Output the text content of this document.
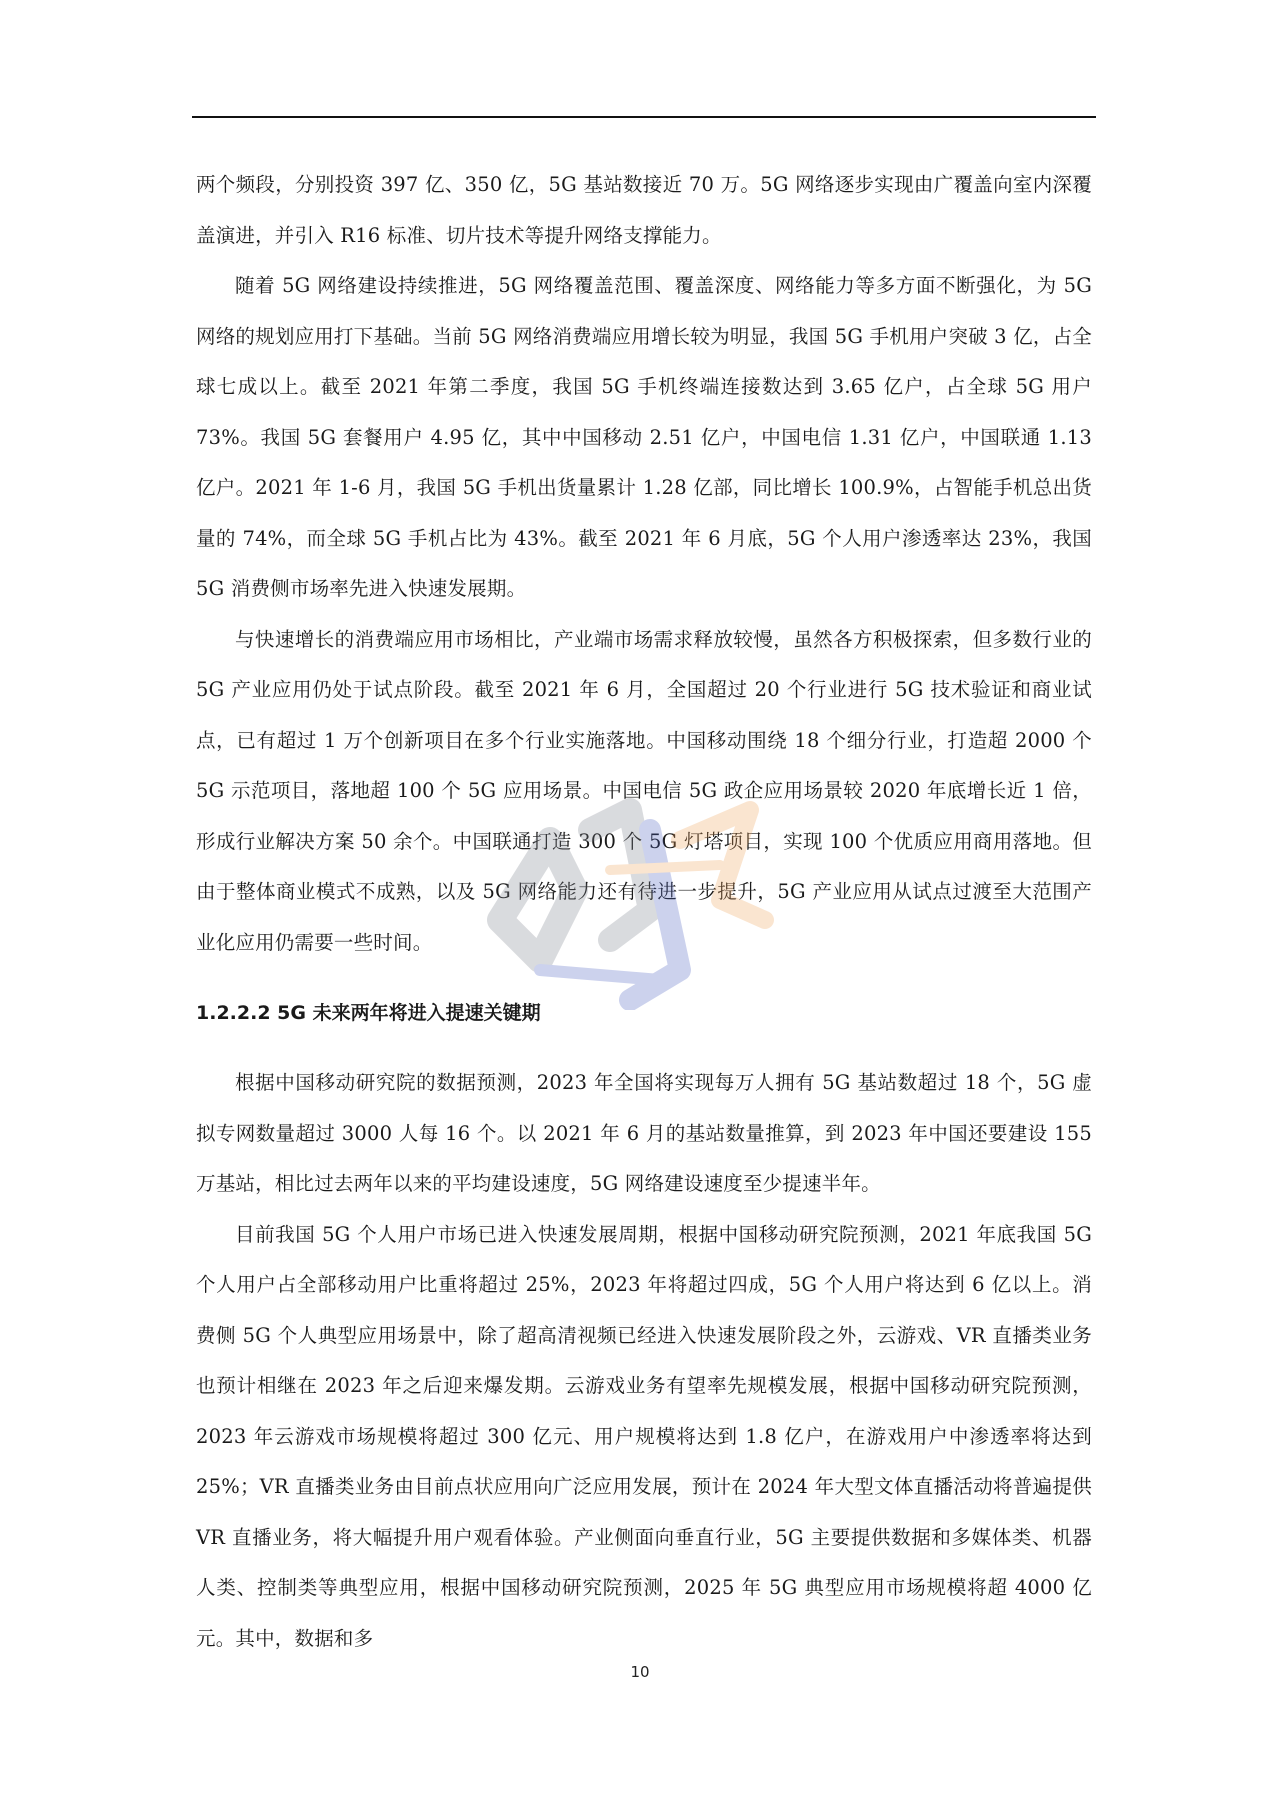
两个频段，分别投资 397 亿、350 亿，5G 基站数接近 70 万。5G 网络逐步实现由广覆盖向室内深覆盖演进，并引入 R16 标准、切片技术等提升网络支撑能力。

随着 5G 网络建设持续推进，5G 网络覆盖范围、覆盖深度、网络能力等多方面不断强化，为 5G 网络的规划应用打下基础。当前 5G 网络消费端应用增长较为明显，我国 5G 手机用户突破 3 亿，占全球七成以上。截至 2021 年第二季度，我国 5G 手机终端连接数达到 3.65 亿户，占全球 5G 用户 73%。我国 5G 套餐用户 4.95 亿，其中中国移动 2.51 亿户，中国电信 1.31 亿户，中国联通 1.13 亿户。2021 年 1-6 月，我国 5G 手机出货量累计 1.28 亿部，同比增长 100.9%，占智能手机总出货量的 74%，而全球 5G 手机占比为 43%。截至 2021 年 6 月底，5G 个人用户渗透率达 23%，我国 5G 消费侧市场率先进入快速发展期。

与快速增长的消费端应用市场相比，产业端市场需求释放较慢，虽然各方积极探索，但多数行业的 5G 产业应用仍处于试点阶段。截至 2021 年 6 月，全国超过 20 个行业进行 5G 技术验证和商业试点，已有超过 1 万个创新项目在多个行业实施落地。中国移动围绕 18 个细分行业，打造超 2000 个 5G 示范项目，落地超 100 个 5G 应用场景。中国电信 5G 政企应用场景较 2020 年底增长近 1 倍，形成行业解决方案 50 余个。中国联通打造 300 个 5G 灯塔项目，实现 100 个优质应用商用落地。但由于整体商业模式不成熟，以及 5G 网络能力还有待进一步提升，5G 产业应用从试点过渡至大范围产业化应用仍需要一些时间。

1.2.2.2 5G 未来两年将进入提速关键期

根据中国移动研究院的数据预测，2023 年全国将实现每万人拥有 5G 基站数超过 18 个，5G 虚拟专网数量超过 3000 人每 16 个。以 2021 年 6 月的基站数量推算，到 2023 年中国还要建设 155 万基站，相比过去两年以来的平均建设速度，5G 网络建设速度至少提速半年。

目前我国 5G 个人用户市场已进入快速发展周期，根据中国移动研究院预测，2021 年底我国 5G 个人用户占全部移动用户比重将超过 25%，2023 年将超过四成，5G 个人用户将达到 6 亿以上。消费侧 5G 个人典型应用场景中，除了超高清视频已经进入快速发展阶段之外，云游戏、VR 直播类业务也预计相继在 2023 年之后迎来爆发期。云游戏业务有望率先规模发展，根据中国移动研究院预测，2023 年云游戏市场规模将超过 300 亿元、用户规模将达到 1.8 亿户，在游戏用户中渗透率将达到 25%；VR 直播类业务由目前点状应用向广泛应用发展，预计在 2024 年大型文体直播活动将普遍提供 VR 直播业务，将大幅提升用户观看体验。产业侧面向垂直行业，5G 主要提供数据和多媒体类、机器人类、控制类等典型应用，根据中国移动研究院预测，2025 年 5G 典型应用市场规模将超 4000 亿元。其中，数据和多

10
